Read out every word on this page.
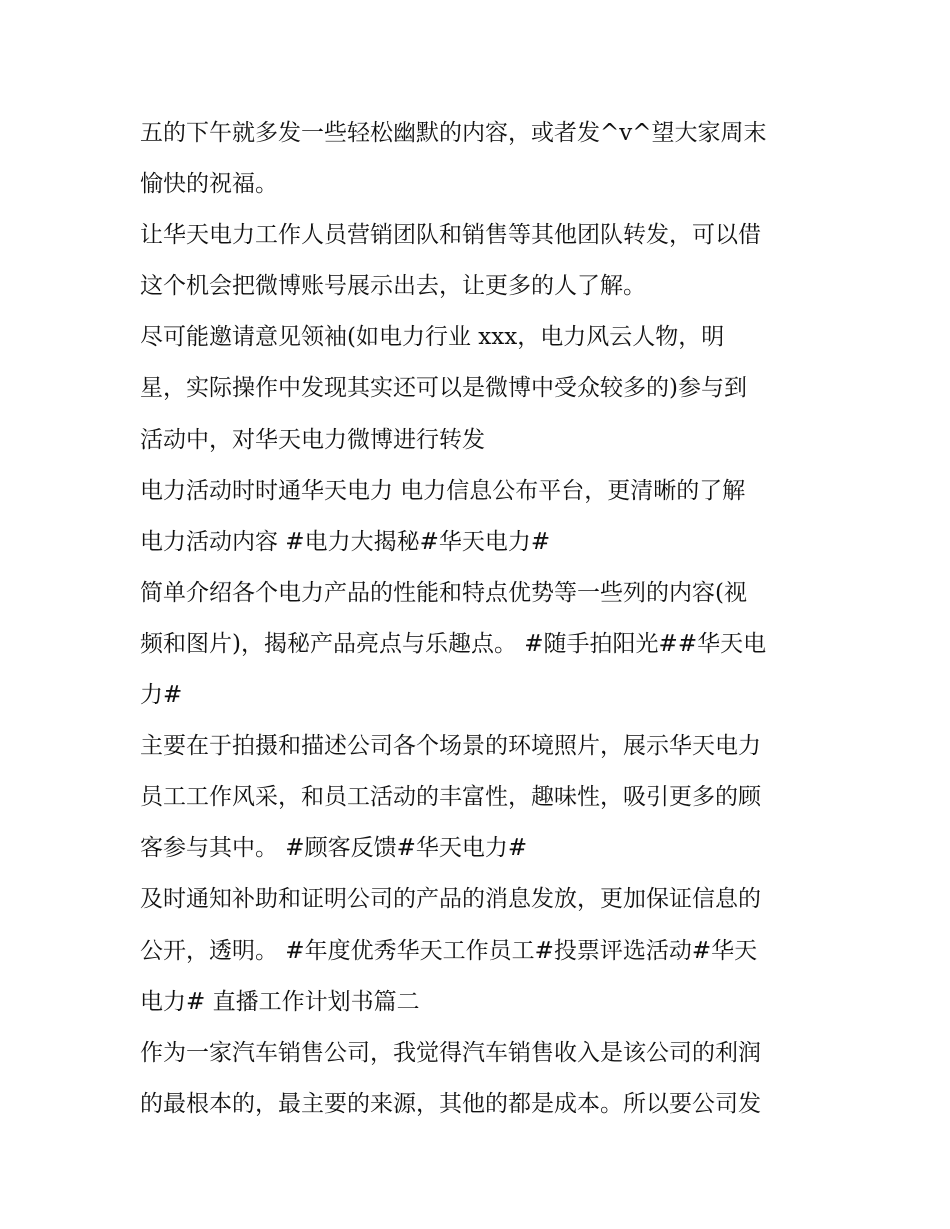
五的下午就多发一些轻松幽默的内容，或者发^v^望大家周末
愉快的祝福。
让华天电力工作人员营销团队和销售等其他团队转发，可以借
这个机会把微博账号展示出去，让更多的人了解。
尽可能邀请意见领袖(如电力行业 xxx，电力风云人物，明
星，实际操作中发现其实还可以是微博中受众较多的)参与到
活动中，对华天电力微博进行转发
电力活动时时通华天电力 电力信息公布平台，更清晰的了解
电力活动内容 #电力大揭秘#华天电力#
简单介绍各个电力产品的性能和特点优势等一些列的内容(视
频和图片)，揭秘产品亮点与乐趣点。 #随手拍阳光##华天电
力#
主要在于拍摄和描述公司各个场景的环境照片，展示华天电力
员工工作风采，和员工活动的丰富性，趣味性，吸引更多的顾
客参与其中。 #顾客反馈#华天电力#
及时通知补助和证明公司的产品的消息发放，更加保证信息的
公开，透明。 #年度优秀华天工作员工#投票评选活动#华天
电力# 直播工作计划书篇二
作为一家汽车销售公司，我觉得汽车销售收入是该公司的利润
的最根本的，最主要的来源，其他的都是成本。所以要公司发
